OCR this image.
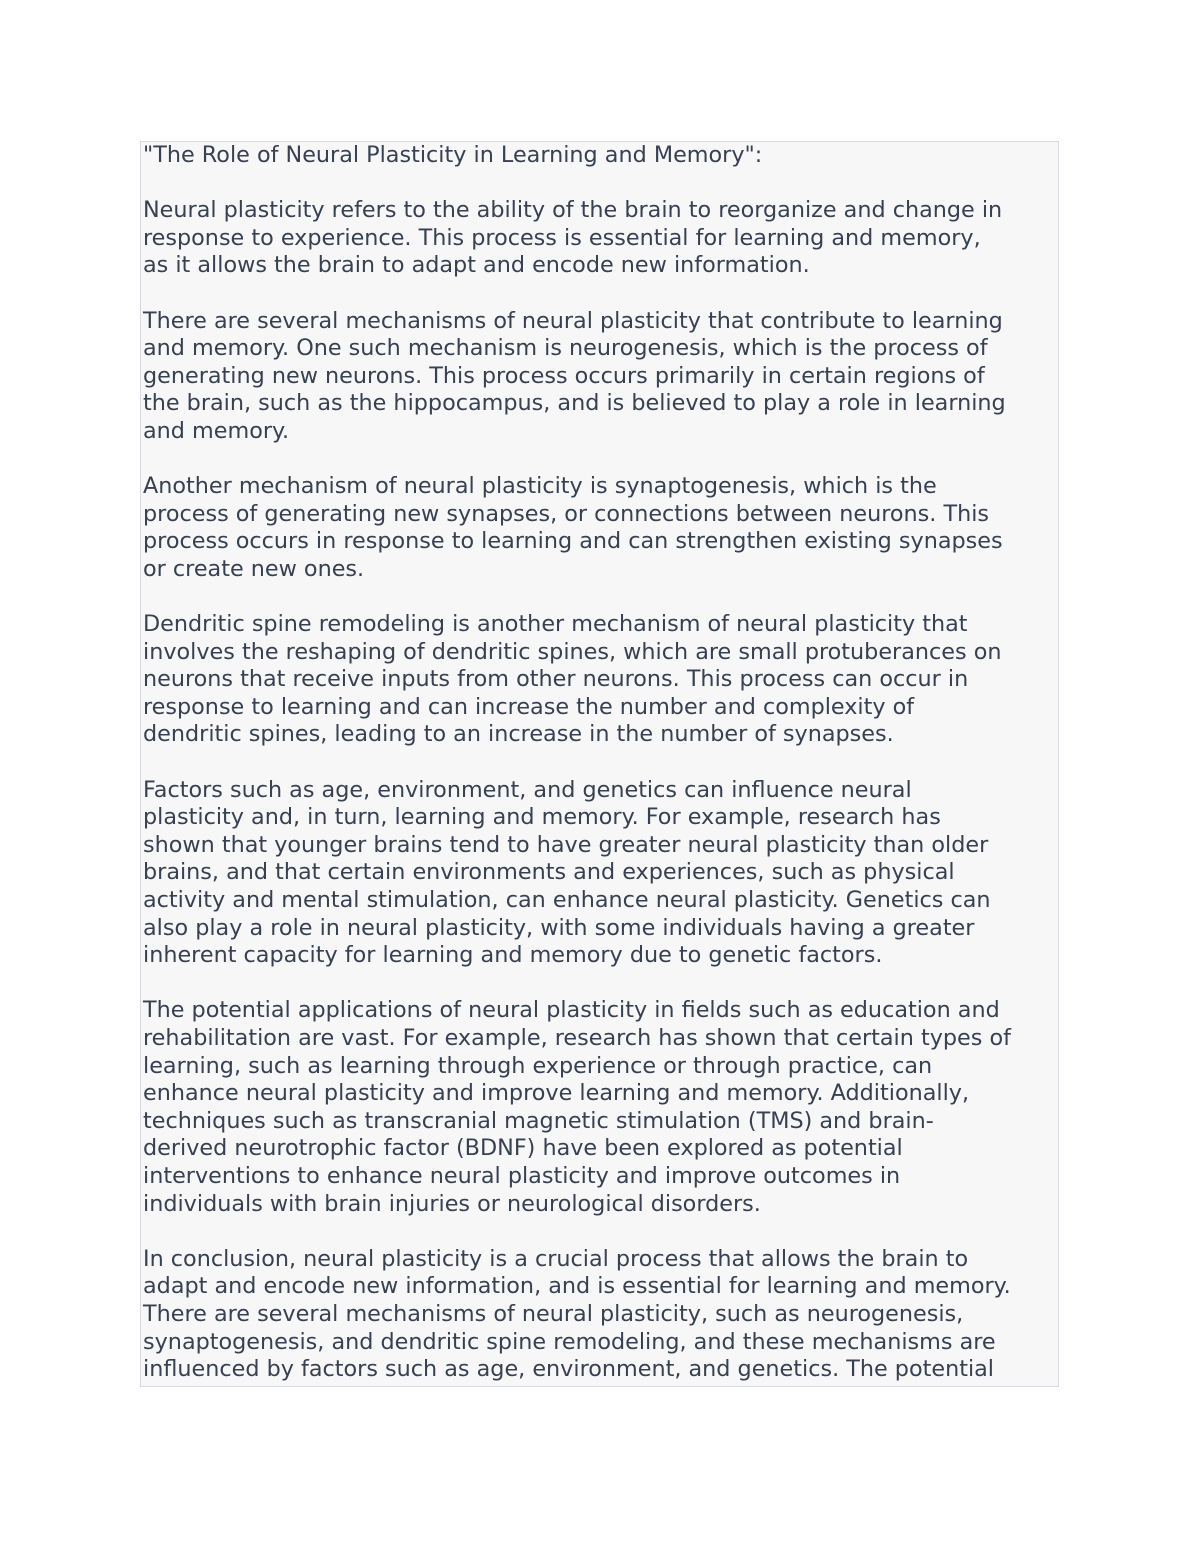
"The Role of Neural Plasticity in Learning and Memory":
Neural plasticity refers to the ability of the brain to reorganize and change in
response to experience. This process is essential for learning and memory,
as it allows the brain to adapt and encode new information.
There are several mechanisms of neural plasticity that contribute to learning
and memory. One such mechanism is neurogenesis, which is the process of
generating new neurons. This process occurs primarily in certain regions of
the brain, such as the hippocampus, and is believed to play a role in learning
and memory.
Another mechanism of neural plasticity is synaptogenesis, which is the
process of generating new synapses, or connections between neurons. This
process occurs in response to learning and can strengthen existing synapses
or create new ones.
Dendritic spine remodeling is another mechanism of neural plasticity that
involves the reshaping of dendritic spines, which are small protuberances on
neurons that receive inputs from other neurons. This process can occur in
response to learning and can increase the number and complexity of
dendritic spines, leading to an increase in the number of synapses.
Factors such as age, environment, and genetics can influence neural
plasticity and, in turn, learning and memory. For example, research has
shown that younger brains tend to have greater neural plasticity than older
brains, and that certain environments and experiences, such as physical
activity and mental stimulation, can enhance neural plasticity. Genetics can
also play a role in neural plasticity, with some individuals having a greater
inherent capacity for learning and memory due to genetic factors.
The potential applications of neural plasticity in fields such as education and
rehabilitation are vast. For example, research has shown that certain types of
learning, such as learning through experience or through practice, can
enhance neural plasticity and improve learning and memory. Additionally,
techniques such as transcranial magnetic stimulation (TMS) and brain-
derived neurotrophic factor (BDNF) have been explored as potential
interventions to enhance neural plasticity and improve outcomes in
individuals with brain injuries or neurological disorders.
In conclusion, neural plasticity is a crucial process that allows the brain to
adapt and encode new information, and is essential for learning and memory.
There are several mechanisms of neural plasticity, such as neurogenesis,
synaptogenesis, and dendritic spine remodeling, and these mechanisms are
influenced by factors such as age, environment, and genetics. The potential
